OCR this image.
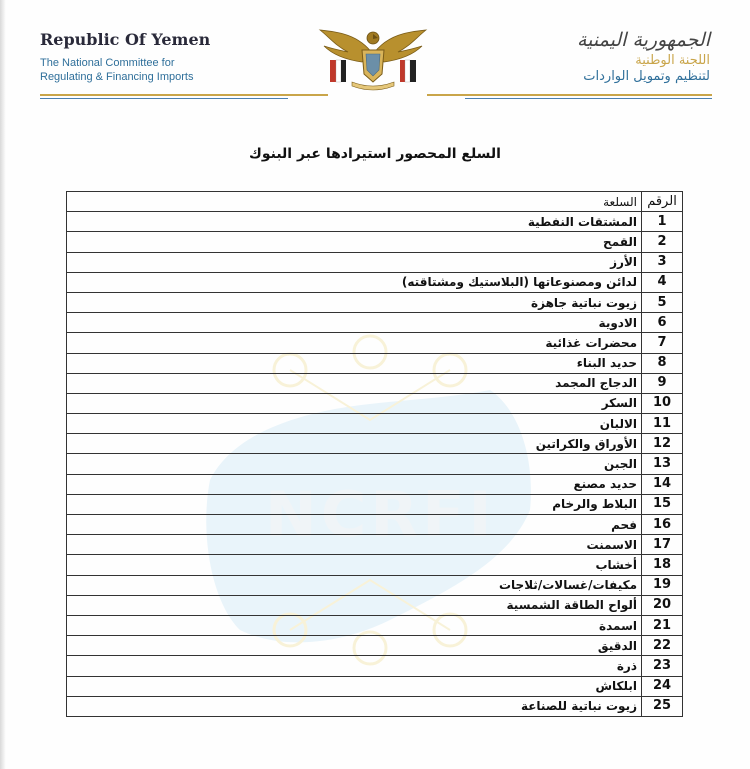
Republic Of Yemen
The National Committee for
Regulating & Financing Imports
الجمهورية اليمنية
اللجنة الوطنية
لتنظيم وتمويل الواردات
السلع المحصور استيرادها عبر البنوك
NCRFI
الرقم	السلعة
1	المشتقات النفطية
2	القمح
3	الأرز
4	لدائن ومصنوعاتها (البلاستيك ومشتاقته)
5	زيوت نباتية جاهزة
6	الادوية
7	محضرات غذائية
8	حديد البناء
9	الدجاج المجمد
10	السكر
11	الالبان
12	الأوراق والكراتين
13	الجبن
14	حديد مصنع
15	البلاط والرخام
16	فحم
17	الاسمنت
18	أخشاب
19	مكيفات/غسالات/ثلاجات
20	ألواح الطاقة الشمسية
21	اسمدة
22	الدقيق
23	ذرة
24	ابلكاش
25	زيوت نباتية للصناعة
